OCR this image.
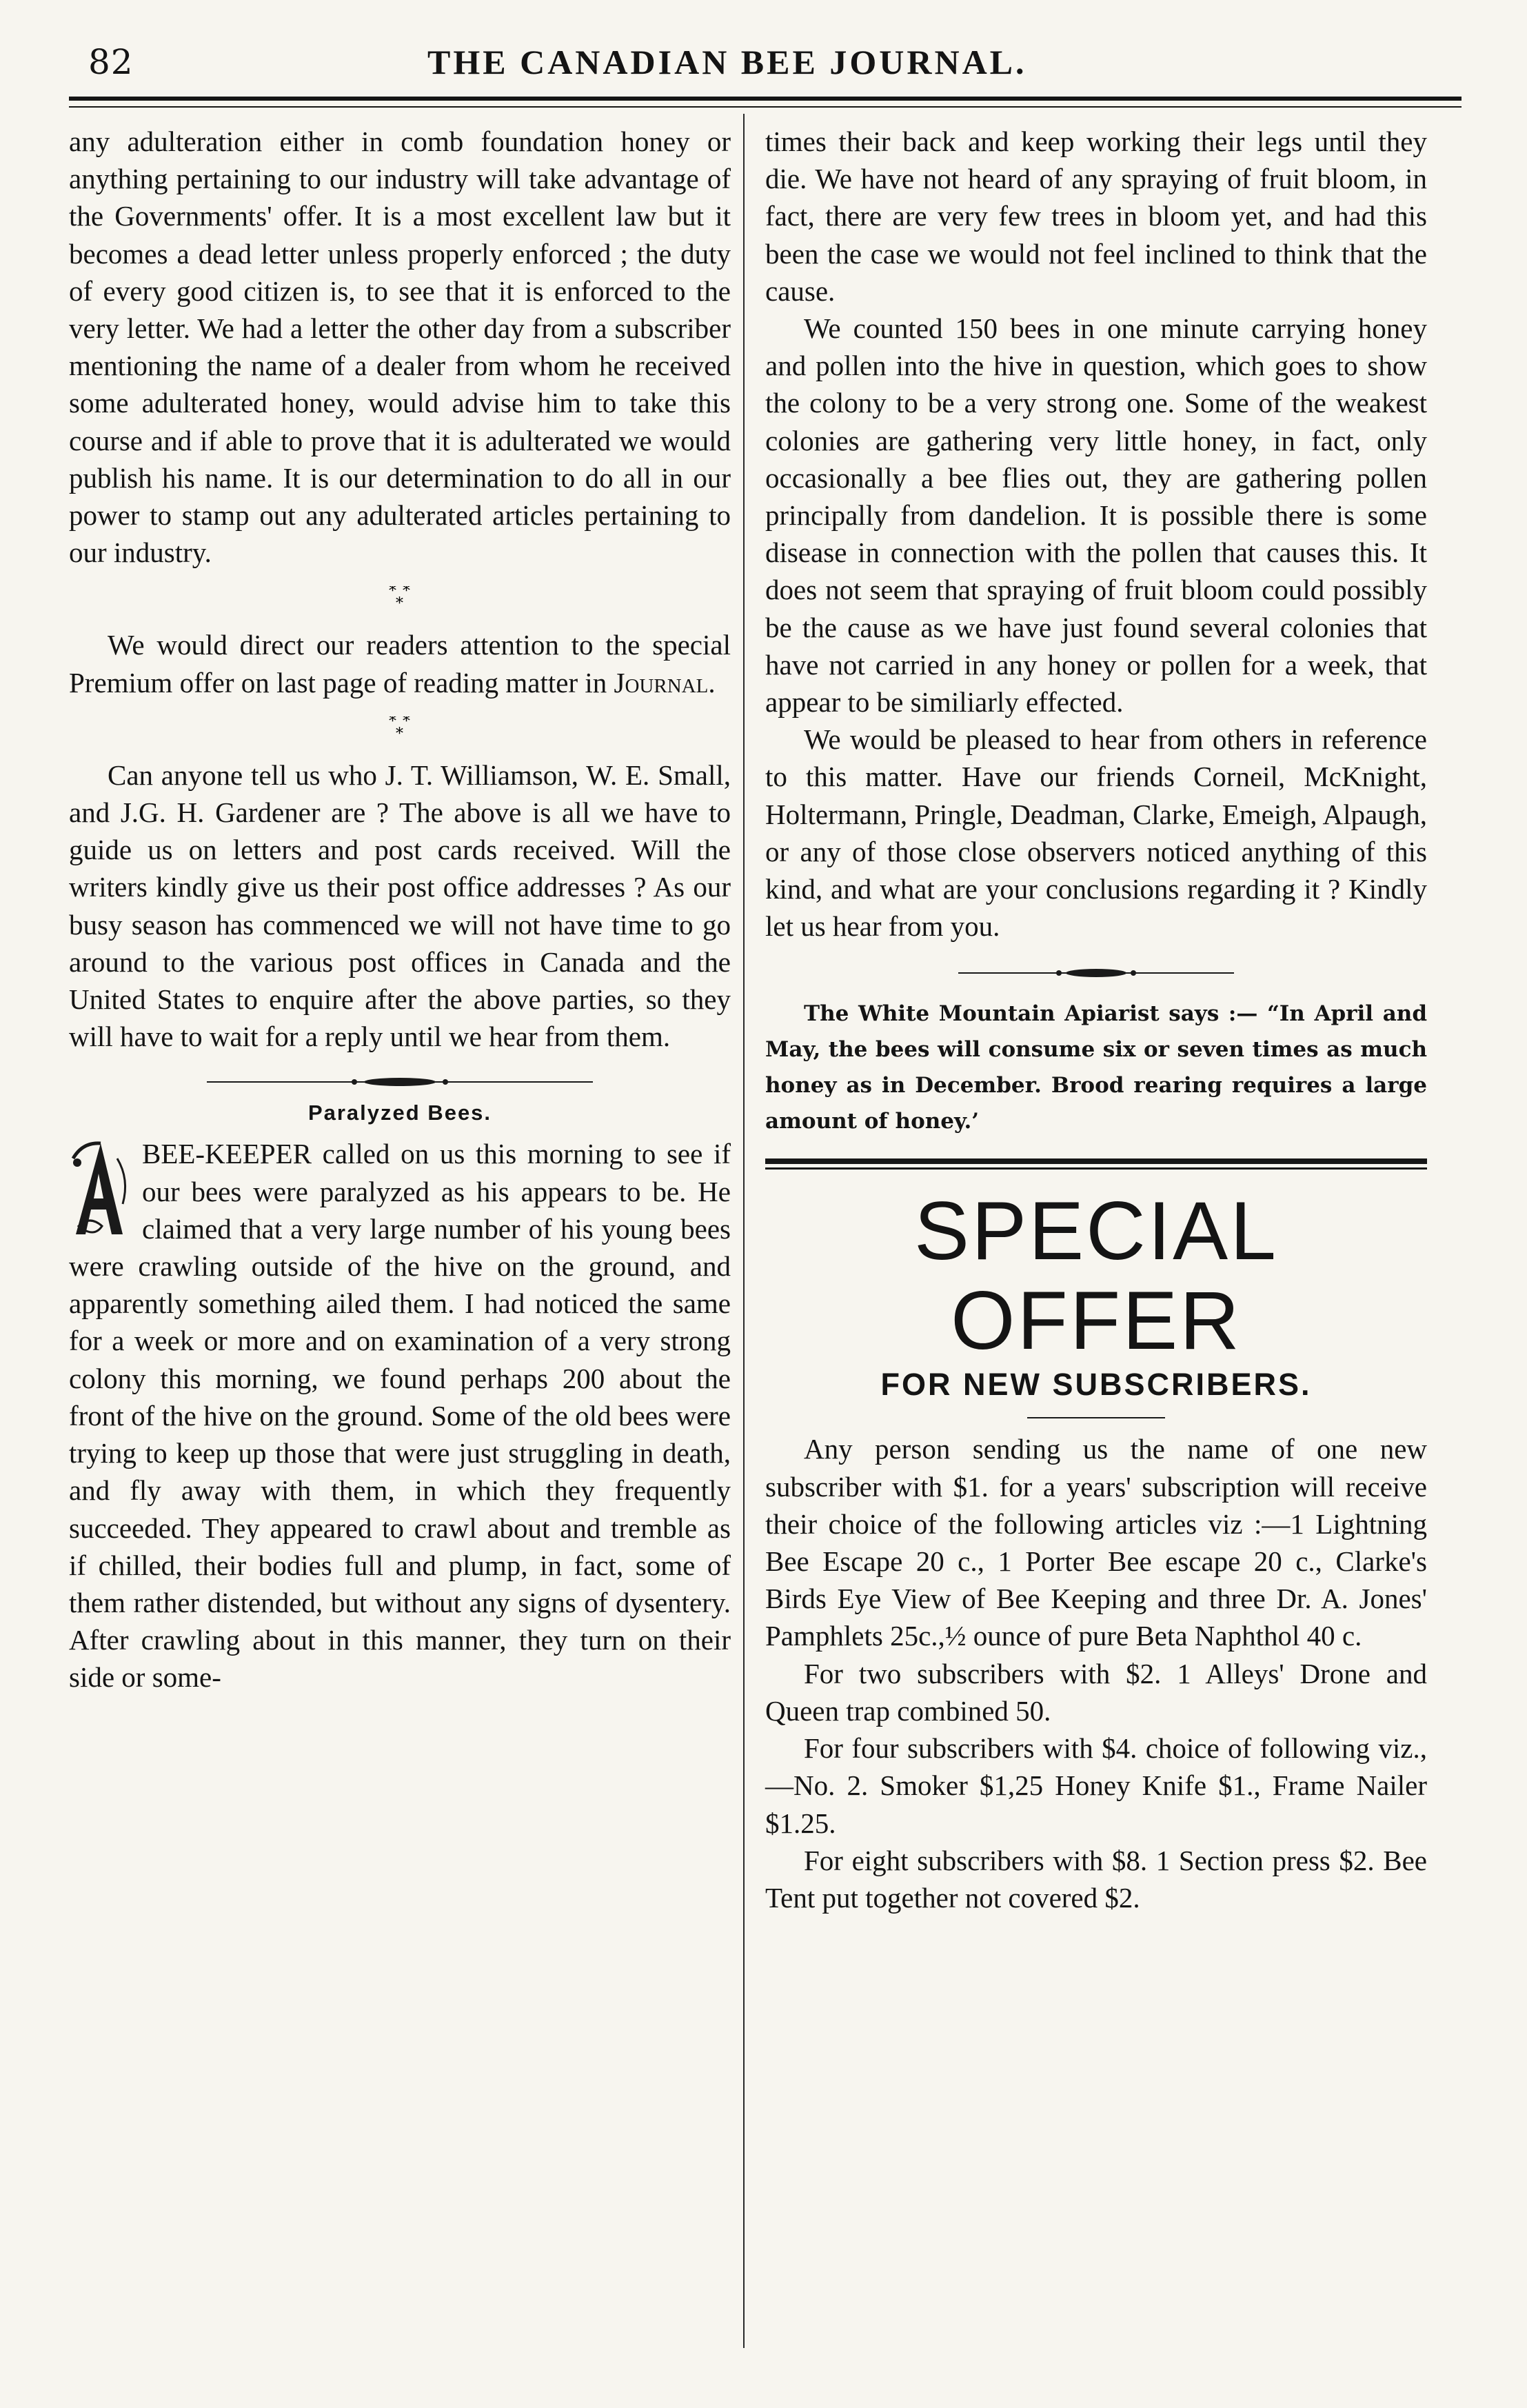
82	THE CANADIAN BEE JOURNAL.

any adulteration either in comb foundation honey or anything pertaining to our industry will take advantage of the Governments' offer. It is a most excellent law but it becomes a dead letter unless properly enforced ; the duty of every good citizen is, to see that it is enforced to the very letter. We had a letter the other day from a subscriber mentioning the name of a dealer from whom he received some adulterated honey, would advise him to take this course and if able to prove that it is adulterated we would publish his name. It is our determination to do all in our power to stamp out any adulterated articles pertaining to our industry.

* *
*

We would direct our readers attention to the special Premium offer on last page of reading matter in Journal.

* *
*

Can anyone tell us who J. T. Williamson, W. E. Small, and J.G. H. Gardener are ? The above is all we have to guide us on letters and post cards received. Will the writers kindly give us their post office addresses ? As our busy season has commenced we will not have time to go around to the various post offices in Canada and the United States to enquire after the above parties, so they will have to wait for a reply until we hear from them.

Paralyzed Bees.
A	BEE-KEEPER called on us this morning to see if our bees were paralyzed as his appears to be. He claimed that a very large number of his young bees were crawling outside of the hive on the ground, and apparently something ailed them. I had noticed the same for a week or more and on examination of a very strong colony this morning, we found perhaps 200 about the front of the hive on the ground. Some of the old bees were trying to keep up those that were just struggling in death, and fly away with them, in which they frequently succeeded. They appeared to crawl about and tremble as if chilled, their bodies full and plump, in fact, some of them rather distended, but without any signs of dysentery. After crawling about in this manner, they turn on their side or some-

times their back and keep working their legs until they die. We have not heard of any spraying of fruit bloom, in fact, there are very few trees in bloom yet, and had this been the case we would not feel inclined to think that the cause.

We counted 150 bees in one minute carrying honey and pollen into the hive in question, which goes to show the colony to be a very strong one. Some of the weakest colonies are gathering very little honey, in fact, only occasionally a bee flies out, they are gathering pollen principally from dandelion. It is possible there is some disease in connection with the pollen that causes this. It does not seem that spraying of fruit bloom could possibly be the cause as we have just found several colonies that have not carried in any honey or pollen for a week, that appear to be similiarly effected.

We would be pleased to hear from others in reference to this matter. Have our friends Corneil, McKnight, Holtermann, Pringle, Deadman, Clarke, Emeigh, Alpaugh, or any of those close observers noticed anything of this kind, and what are your conclusions regarding it ? Kindly let us hear from you.

The White Mountain Apiarist says :— “In April and May, the bees will consume six or seven times as much honey as in December. Brood rearing requires a large amount of honey.’

SPECIAL OFFER
FOR NEW SUBSCRIBERS.

Any person sending us the name of one new subscriber with $1. for a years' subscription will receive their choice of the following articles viz :—1 Lightning Bee Escape 20 c., 1 Porter Bee escape 20 c., Clarke's Birds Eye View of Bee Keeping and three Dr. A. Jones' Pamphlets 25c.,½ ounce of pure Beta Naphthol 40 c.

For two subscribers with $2. 1 Alleys' Drone and Queen trap combined 50.

For four subscribers with $4. choice of following viz.,—No. 2. Smoker $1,25 Honey Knife $1., Frame Nailer $1.25.

For eight subscribers with $8. 1 Section press $2. Bee Tent put together not covered $2.
